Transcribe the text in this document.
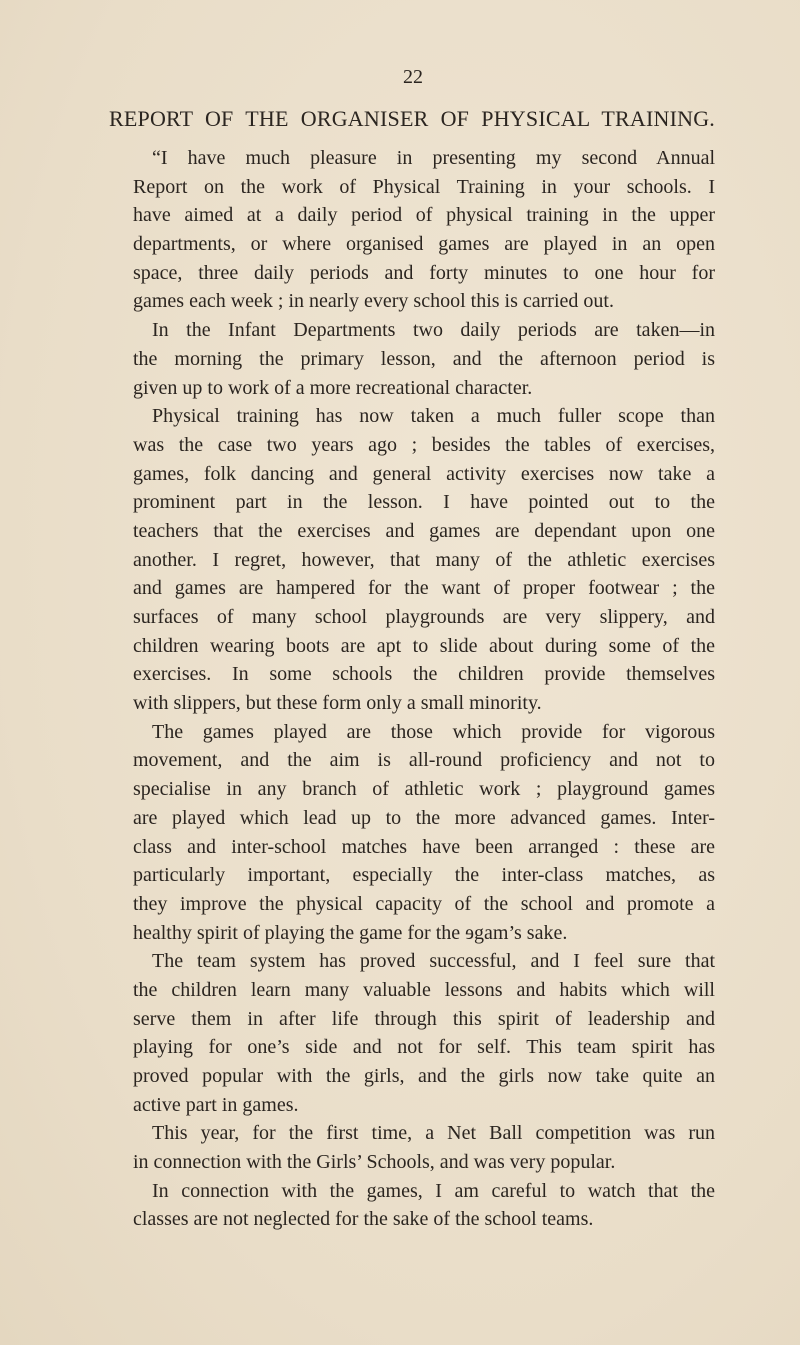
22
REPORT OF THE ORGANISER OF PHYSICAL TRAINING.
“I have much pleasure in presenting my second Annual
Report on the work of Physical Training in your schools. I
have aimed at a daily period of physical training in the upper
departments, or where organised games are played in an open
space, three daily periods and forty minutes to one hour for
games each week ; in nearly every school this is carried out.
In the Infant Departments two daily periods are taken—in
the morning the primary lesson, and the afternoon period is
given up to work of a more recreational character.
Physical training has now taken a much fuller scope than
was the case two years ago ; besides the tables of exercises,
games, folk dancing and general activity exercises now take a
prominent part in the lesson. I have pointed out to the
teachers that the exercises and games are dependant upon one
another. I regret, however, that many of the athletic exercises
and games are hampered for the want of proper footwear ; the
surfaces of many school playgrounds are very slippery, and
children wearing boots are apt to slide about during some of the
exercises. In some schools the children provide themselves
with slippers, but these form only a small minority.
The games played are those which provide for vigorous
movement, and the aim is all-round proficiency and not to
specialise in any branch of athletic work ; playground games
are played which lead up to the more advanced games. Inter-
class and inter-school matches have been arranged : these are
particularly important, especially the inter-class matches, as
they improve the physical capacity of the school and promote a
healthy spirit of playing the game for the ɘgam’s sake.
The team system has proved successful, and I feel sure that
the children learn many valuable lessons and habits which will
serve them in after life through this spirit of leadership and
playing for one’s side and not for self. This team spirit has
proved popular with the girls, and the girls now take quite an
active part in games.
This year, for the first time, a Net Ball competition was run
in connection with the Girls’ Schools, and was very popular.
In connection with the games, I am careful to watch that the
classes are not neglected for the sake of the school teams.
